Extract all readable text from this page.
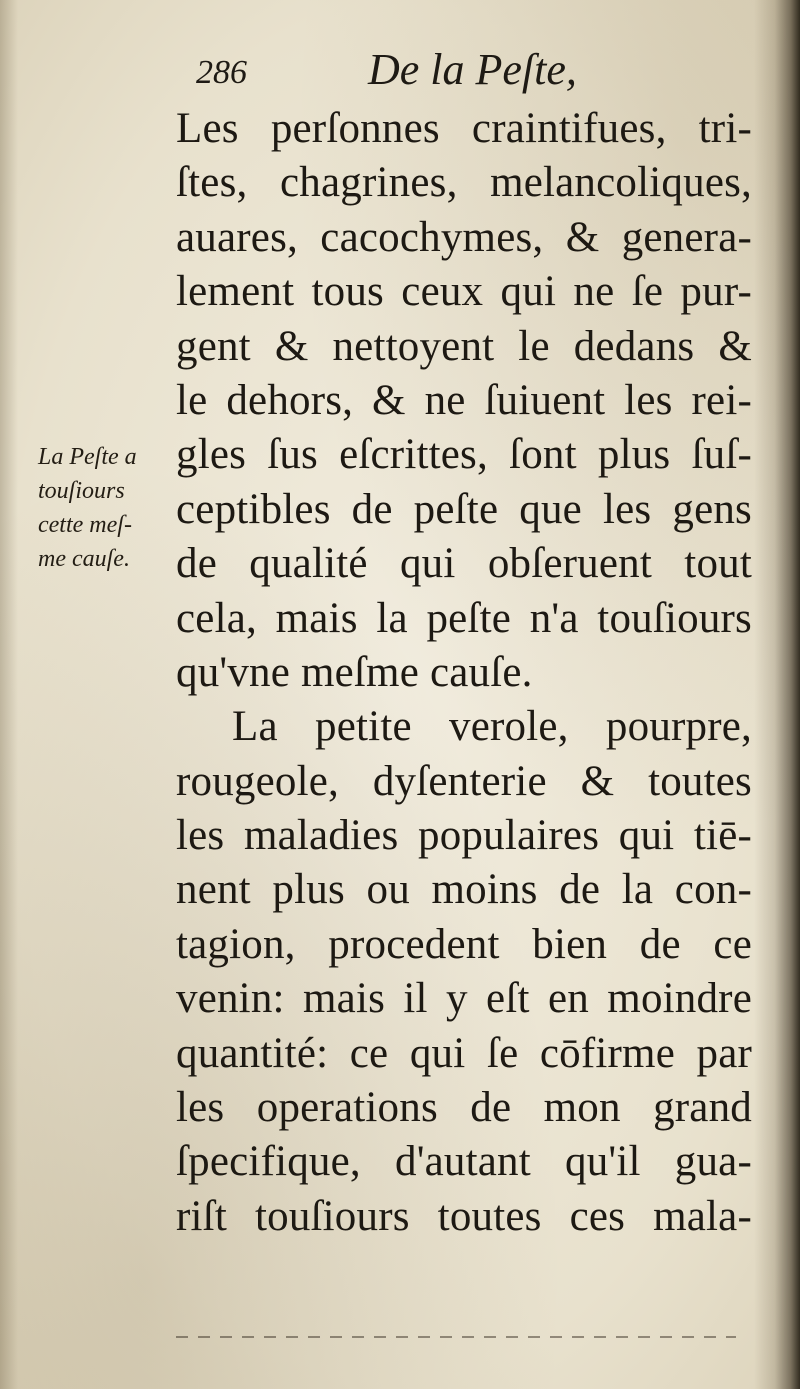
286	De la Peſte,
La Peſte a
touſiours
cette meſ-
me cauſe.
Les perſonnes craintifues, tri-
ſtes, chagrines, melancoliques,
auares, cacochymes, & genera-
lement tous ceux qui ne ſe pur-
gent & nettoyent le dedans &
le dehors, & ne ſuiuent les rei-
gles ſus eſcrittes, ſont plus ſuſ-
ceptibles de peſte que les gens
de qualité qui obſeruent tout
cela, mais la peſte n'a touſiours
qu'vne meſme cauſe.
La petite verole, pourpre,
rougeole, dyſenterie & toutes
les maladies populaires qui tiē-
nent plus ou moins de la con-
tagion, procedent bien de ce
venin: mais il y eſt en moindre
quantité: ce qui ſe cōfirme par
les operations de mon grand
ſpecifique, d'autant qu'il gua-
riſt touſiours toutes ces mala-
